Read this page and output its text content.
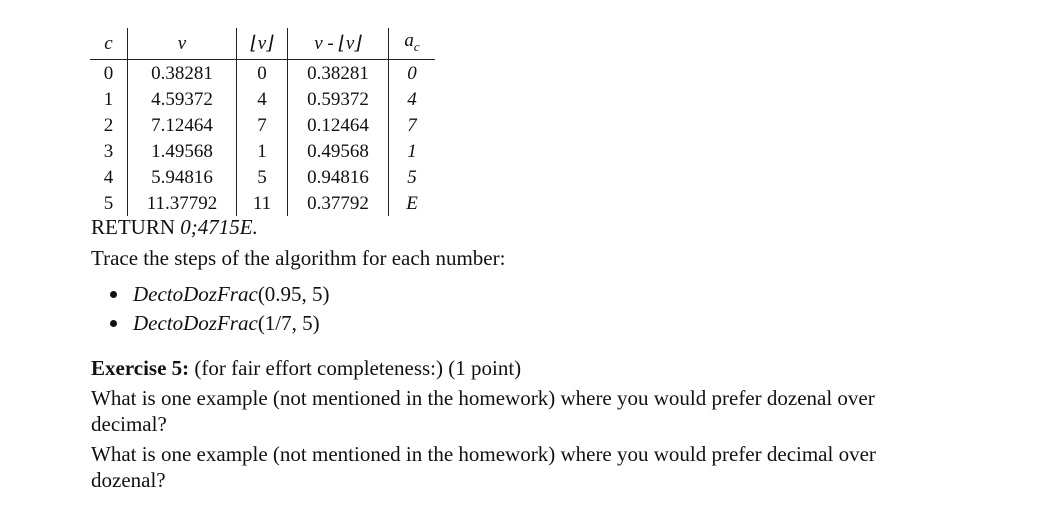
c	v	⌊v⌋	v - ⌊v⌋	$a_c$
0	0.38281	0	0.38281	0
1	4.59372	4	0.59372	4
2	7.12464	7	0.12464	7
3	1.49568	1	0.49568	1
4	5.94816	5	0.94816	5
5	11.37792	11	0.37792	E
RETURN 0;4715E.
Trace the steps of the algorithm for each number:
DectoDozFrac(0.95, 5)
DectoDozFrac(1/7, 5)
Exercise 5: (for fair effort completeness:) (1 point)
What is one example (not mentioned in the homework) where you would prefer dozenal over
decimal?
What is one example (not mentioned in the homework) where you would prefer decimal over
dozenal?
